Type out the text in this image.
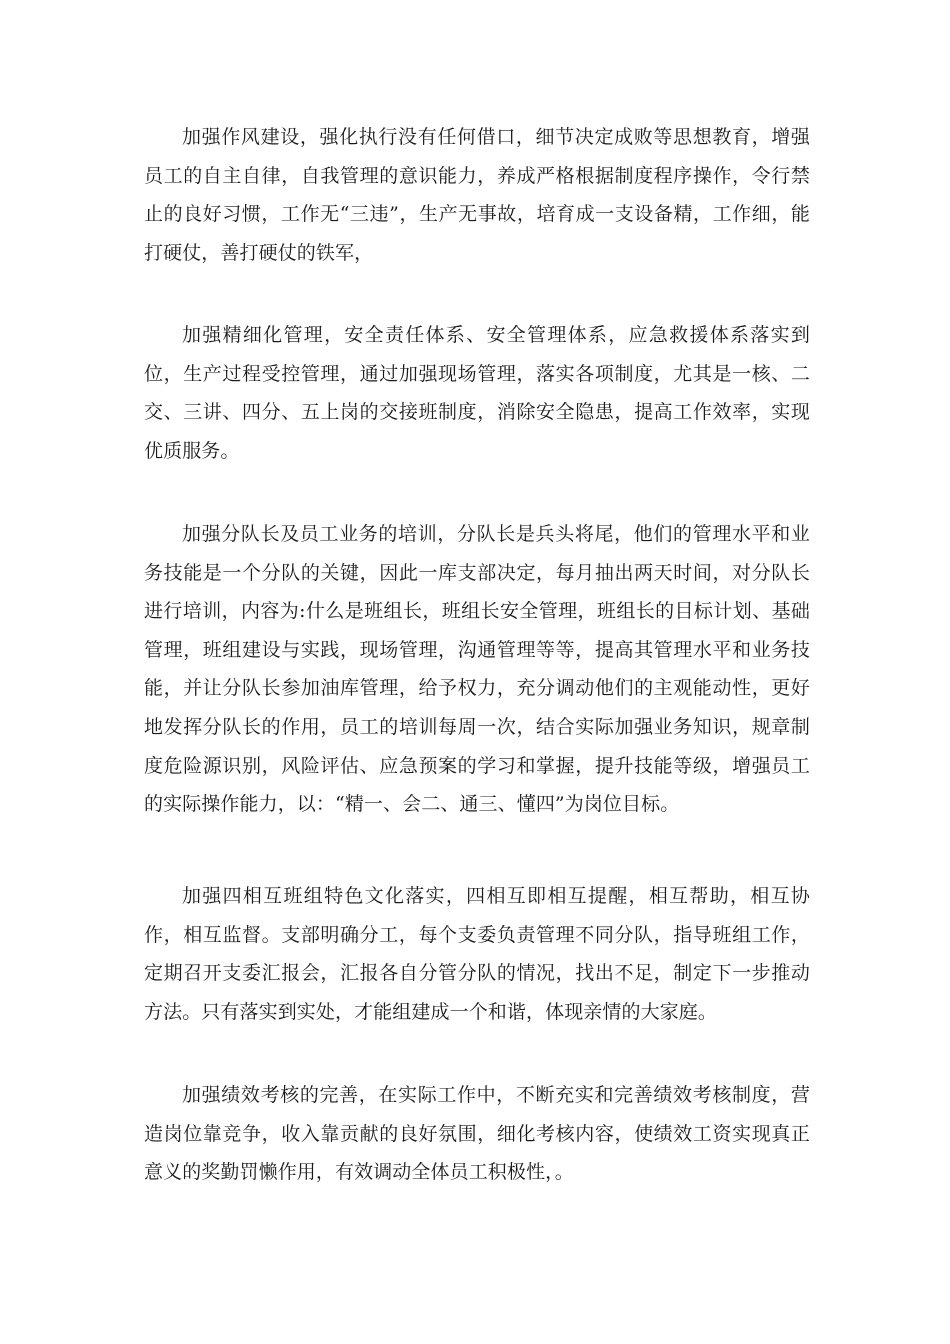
加强作风建设，强化执行没有任何借口，细节决定成败等思想教育，增强员工的自主自律，自我管理的意识能力，养成严格根据制度程序操作，令行禁止的良好习惯，工作无“三违”，生产无事故，培育成一支设备精，工作细，能打硬仗，善打硬仗的铁军，

加强精细化管理，安全责任体系、安全管理体系，应急救援体系落实到位，生产过程受控管理，通过加强现场管理，落实各项制度，尤其是一核、二交、三讲、四分、五上岗的交接班制度，消除安全隐患，提高工作效率，实现优质服务。

加强分队长及员工业务的培训，分队长是兵头将尾，他们的管理水平和业务技能是一个分队的关键，因此一库支部决定，每月抽出两天时间，对分队长进行培训，内容为:什么是班组长，班组长安全管理，班组长的目标计划、基础管理，班组建设与实践，现场管理，沟通管理等等，提高其管理水平和业务技能，并让分队长参加油库管理，给予权力，充分调动他们的主观能动性，更好地发挥分队长的作用，员工的培训每周一次，结合实际加强业务知识，规章制度危险源识别，风险评估、应急预案的学习和掌握，提升技能等级，增强员工的实际操作能力，以：“精一、会二、通三、懂四”为岗位目标。

加强四相互班组特色文化落实，四相互即相互提醒，相互帮助，相互协作，相互监督。支部明确分工，每个支委负责管理不同分队，指导班组工作，定期召开支委汇报会，汇报各自分管分队的情况，找出不足，制定下一步推动方法。只有落实到实处，才能组建成一个和谐，体现亲情的大家庭。

加强绩效考核的完善，在实际工作中，不断充实和完善绩效考核制度，营造岗位靠竞争，收入靠贡献的良好氛围，细化考核内容，使绩效工资实现真正意义的奖勤罚懒作用，有效调动全体员工积极性，。
